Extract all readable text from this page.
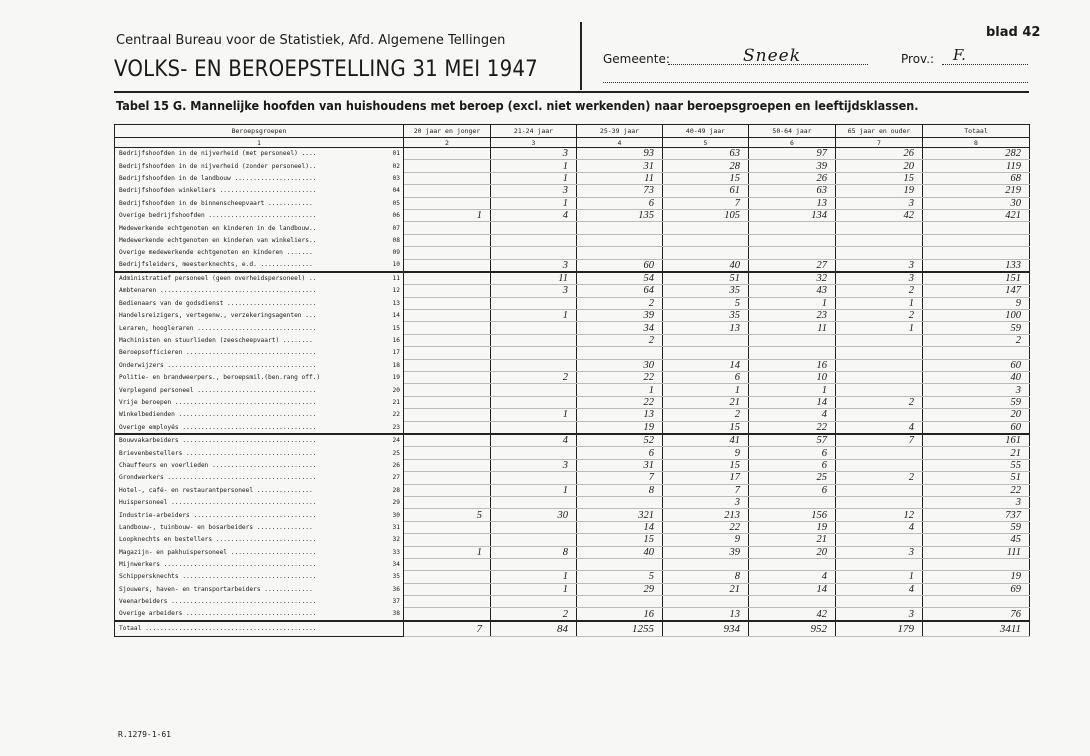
Centraal Bureau voor de Statistiek, Afd. Algemene Tellingen
VOLKS- EN BEROEPSTELLING 31 MEI 1947
blad 42
Gemeente:	Sneek	Prov.: F.
Tabel 15 G. Mannelijke hoofden van huishoudens met beroep (excl. niet werkenden) naar beroepsgroepen en leeftijdsklassen.
Beroepsgroepen	20 jaar en jonger	21-24 jaar	25-39 jaar	40-49 jaar	50-64 jaar	65 jaar en ouder	Totaal
1	2	3	4	5	6	7	8

01
Bedrijfshoofden in de nijverheid (met personeel) ....		3	93	63	97	26	282

02
Bedrijfshoofden in de nijverheid (zonder personeel)..		1	31	28	39	20	119

03
Bedrijfshoofden in de landbouw ......................		1	11	15	26	15	68

04
Bedrijfshoofden winkeliers ..........................		3	73	61	63	19	219

05
Bedrijfshoofden in de binnenscheepvaart ............		1	6	7	13	3	30

06
Overige bedrijfshoofden .............................	1	4	135	105	134	42	421

07
Medewerkende echtgenoten en kinderen in de landbouw..							

08
Medewerkende echtgenoten en kinderen van winkeliers..							

09
Overige medewerkende echtgenoten en kinderen .......							

10
Bedrijfsleiders, meesterknechts, e.d. ..............		3	60	40	27	3	133

11
Administratief personeel (geen overheidspersoneel) ..		11	54	51	32	3	151

12
Ambtenaren ..........................................		3	64	35	43	2	147

13
Bedienaars van de godsdienst ........................			2	5	1	1	9

14
Handelsreizigers, vertegenw., verzekeringsagenten ...		1	39	35	23	2	100

15
Leraren, hoogleraren ................................			34	13	11	1	59

16
Machinisten en stuurlieden (zeescheepvaart) ........			2				2

17
Beroepsofficieren ...................................							

18
Onderwijzers ........................................			30	14	16		60

19
Politie- en brandweerpers., beroepsmil.(ben.rang off.)		2	22	6	10		40

20
Verplegend personeel ................................			1	1	1		3

21
Vrije beroepen ......................................			22	21	14	2	59

22
Winkelbedienden .....................................		1	13	2	4		20

23
Overige employés ....................................			19	15	22	4	60

24
Bouwvakarbeiders ....................................		4	52	41	57	7	161

25
Brievenbestellers ...................................			6	9	6		21

26
Chauffeurs en voerlieden ............................		3	31	15	6		55

27
Grondwerkers ........................................			7	17	25	2	51

28
Hotel-, café- en restaurantpersoneel ...............		1	8	7	6		22

29
Huispersoneel .......................................				3			3

30
Industrie-arbeiders .................................	5	30	321	213	156	12	737

31
Landbouw-, tuinbouw- en bosarbeiders ...............			14	22	19	4	59

32
Loopknechts en bestellers ...........................			15	9	21		45

33
Magazijn- en pakhuispersoneel .......................	1	8	40	39	20	3	111

34
Mijnwerkers .........................................							

35
Schippersknechts ....................................		1	5	8	4	1	19

36
Sjouwers, haven- en transportarbeiders .............		1	29	21	14	4	69

37
Veenarbeiders .......................................							

38
Overige arbeiders ...................................		2	16	13	42	3	76
Totaal ..............................................	7	84	1255	934	952	179	3411
R.1279-1-61
